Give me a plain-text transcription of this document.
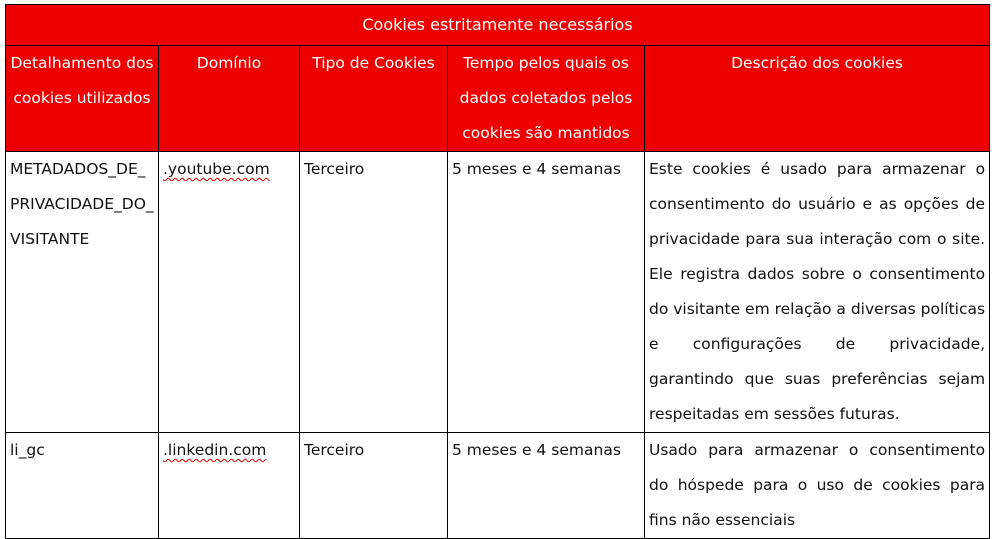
Cookies estritamente necessários				
Detalhamento dos cookies utilizados	Domínio	Tipo de Cookies	Tempo pelos quais os dados coletados pelos cookies são mantidos	Descrição dos cookies
METADADOS_DE_PRIVACIDADE_DO_VISITANTE	.youtube.com	Terceiro	5 meses e 4 semanas	Este cookies é usado para armazenar o consentimento do usuário e as opções de privacidade para sua interação com o site. Ele registra dados sobre o consentimento do visitante em relação a diversas políticas e configurações de privacidade, garantindo que suas preferências sejam respeitadas em sessões futuras.
li_gc	.linkedin.com	Terceiro	5 meses e 4 semanas	Usado para armazenar o consentimento do hóspede para o uso de cookies para fins não essenciais
